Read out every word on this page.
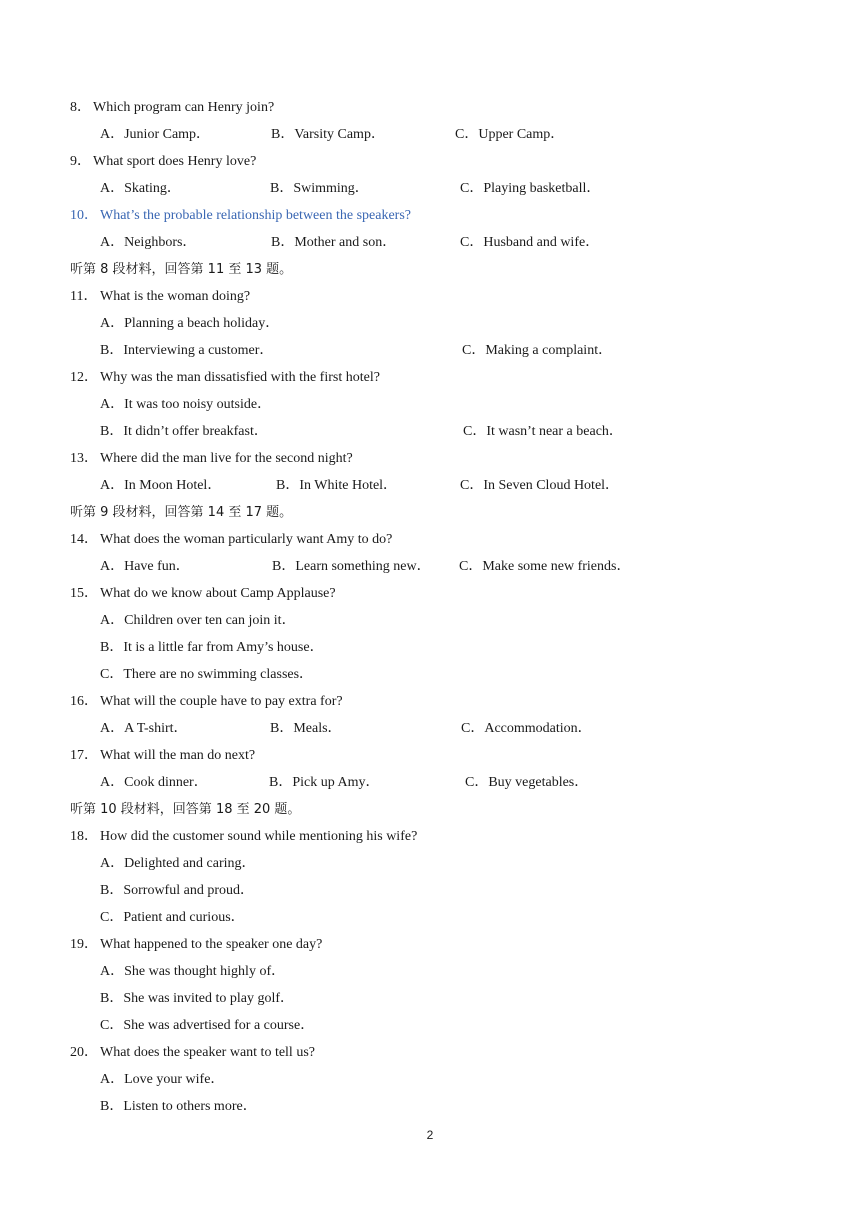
8． Which program can Henry join?
A．Junior Camp．	B．Varsity Camp．	C．Upper Camp．
9． What sport does Henry love?
A．Skating．	B．Swimming．	C．Playing basketball．
10． What’s the probable relationship between the speakers?
A．Neighbors．	B．Mother and son．	C．Husband and wife．
听第 8 段材料，回答第 11 至 13 题。
11． What is the woman doing?
A．Planning a beach holiday．
B．Interviewing a customer．	C．Making a complaint．
12． Why was the man dissatisfied with the first hotel?
A．It was too noisy outside．
B．It didn’t offer breakfast．	C．It wasn’t near a beach．
13． Where did the man live for the second night?
A．In Moon Hotel．	B．In White Hotel．	C．In Seven Cloud Hotel．
听第 9 段材料，回答第 14 至 17 题。
14． What does the woman particularly want Amy to do?
A．Have fun．	B．Learn something new． C．Make some new friends．
15． What do we know about Camp Applause?
A．Children over ten can join it．
B．It is a little far from Amy’s house．
C．There are no swimming classes．
16． What will the couple have to pay extra for?
A．A T-shirt．	B．Meals．	C．Accommodation．
17． What will the man do next?
A．Cook dinner．	B．Pick up Amy．	C．Buy vegetables．
听第 10 段材料，回答第 18 至 20 题。
18． How did the customer sound while mentioning his wife?
A．Delighted and caring．
B．Sorrowful and proud．
C．Patient and curious．
19． What happened to the speaker one day?
A．She was thought highly of．
B．She was invited to play golf．
C．She was advertised for a course．
20． What does the speaker want to tell us?
A．Love your wife．
B．Listen to others more．
2
